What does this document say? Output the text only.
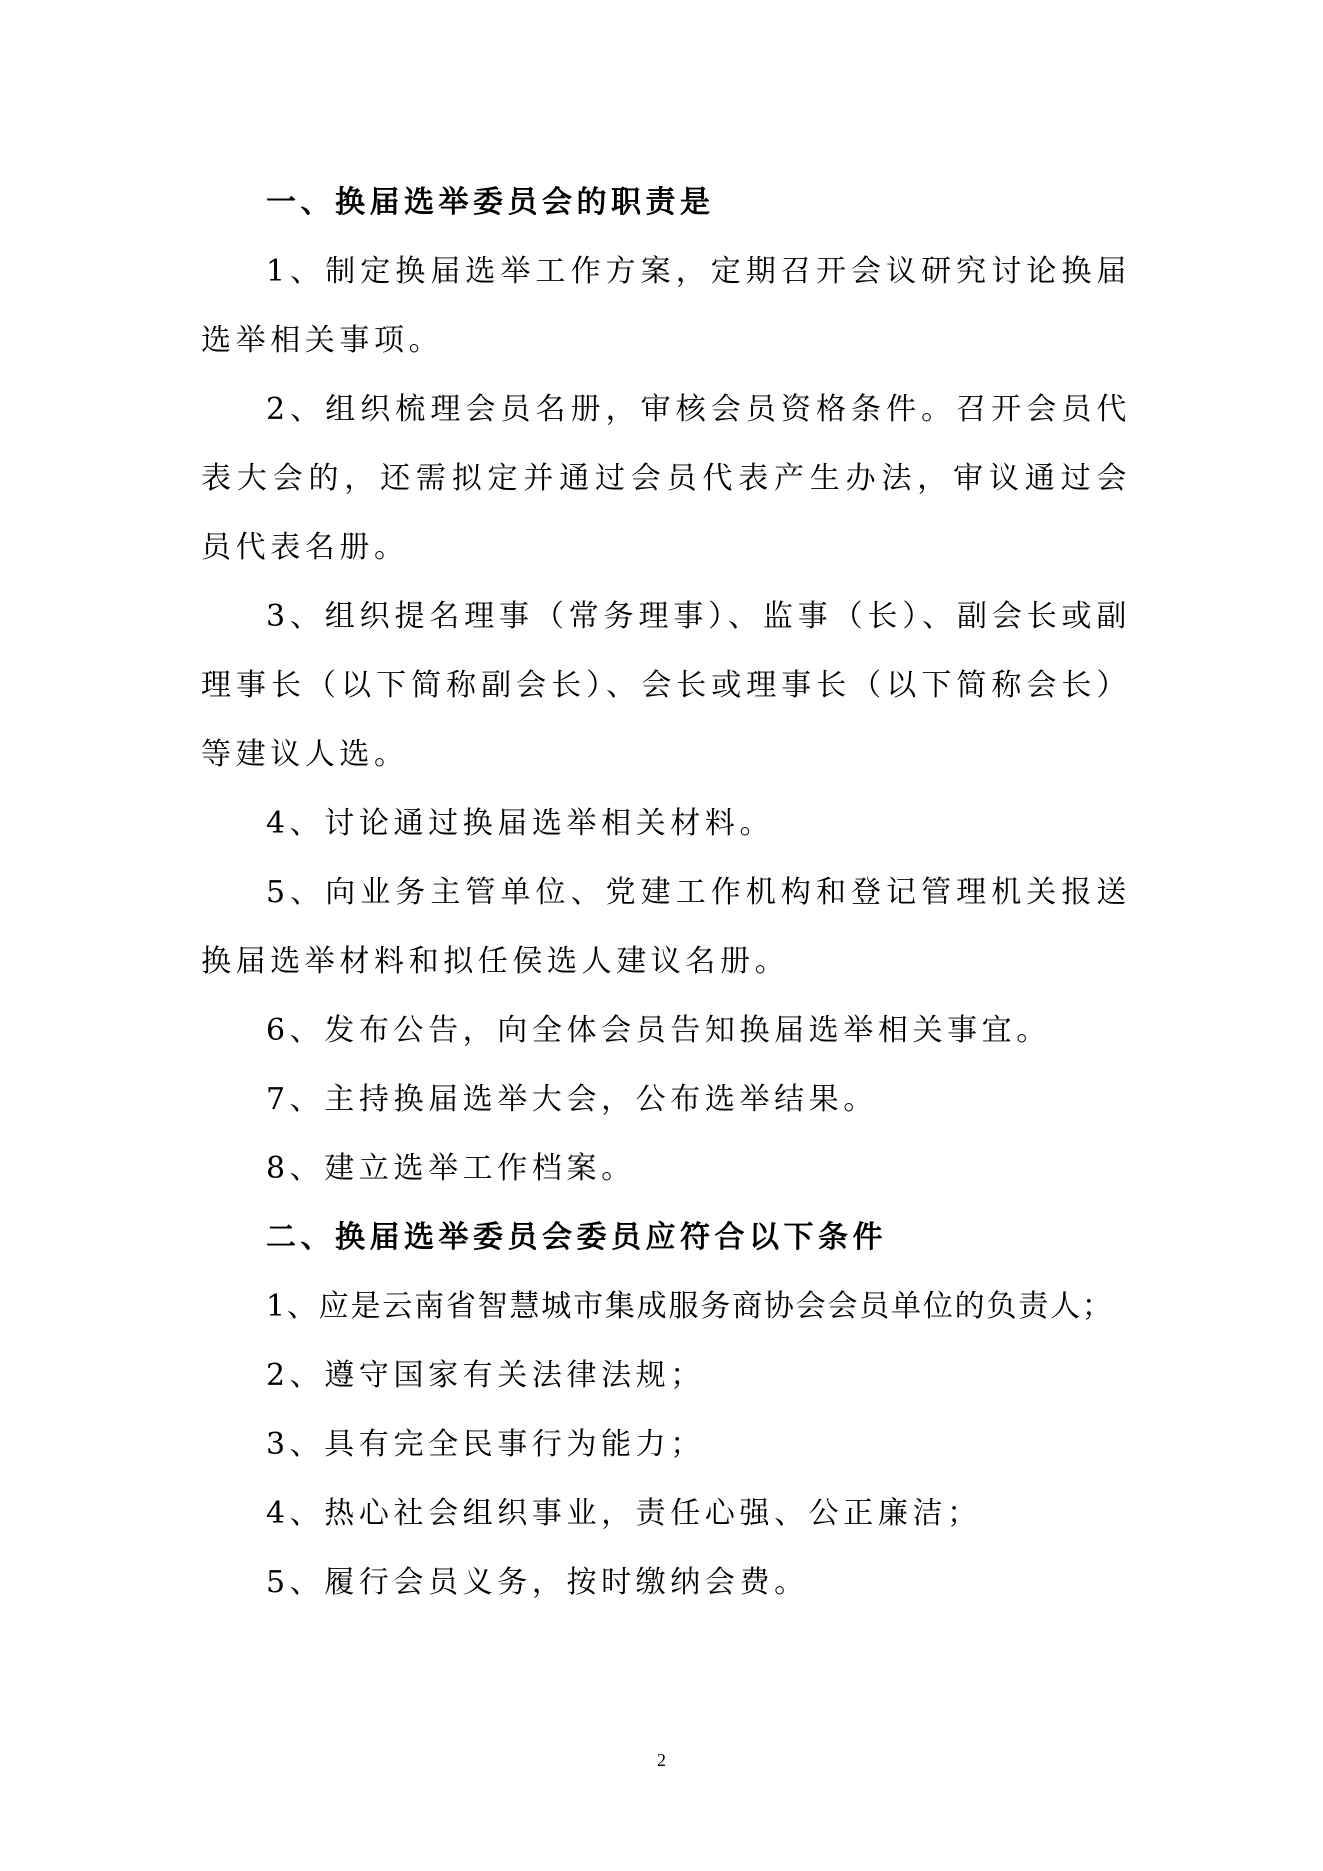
一、换届选举委员会的职责是

1、制定换届选举工作方案，定期召开会议研究讨论换届选举相关事项。

2、组织梳理会员名册，审核会员资格条件。召开会员代表大会的，还需拟定并通过会员代表产生办法，审议通过会员代表名册。

3、组织提名理事（常务理事）、监事（长）、副会长或副理事长（以下简称副会长）、会长或理事长（以下简称会长）等建议人选。

4、讨论通过换届选举相关材料。

5、向业务主管单位、党建工作机构和登记管理机关报送换届选举材料和拟任侯选人建议名册。

6、发布公告，向全体会员告知换届选举相关事宜。

7、主持换届选举大会，公布选举结果。

8、建立选举工作档案。

二、换届选举委员会委员应符合以下条件

1、应是云南省智慧城市集成服务商协会会员单位的负责人；

2、遵守国家有关法律法规；

3、具有完全民事行为能力；

4、热心社会组织事业，责任心强、公正廉洁；

5、履行会员义务，按时缴纳会费。

2
